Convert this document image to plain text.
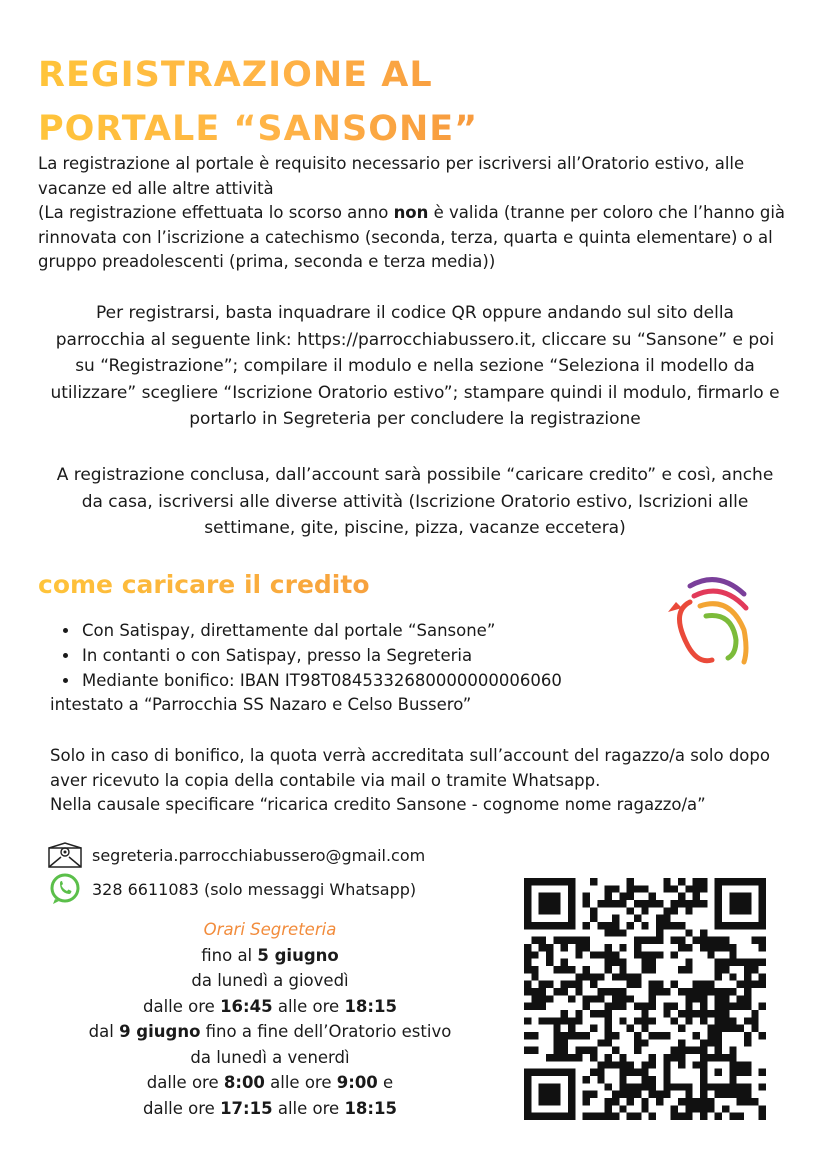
REGISTRAZIONE AL
PORTALE “SANSONE”

La registrazione al portale è requisito necessario per iscriversi all’Oratorio estivo, alle vacanze ed alle altre attività
(La registrazione effettuata lo scorso anno non è valida (tranne per coloro che l’hanno già rinnovata con l’iscrizione a catechismo (seconda, terza, quarta e quinta elementare) o al gruppo preadolescenti (prima, seconda e terza media))

Per registrarsi, basta inquadrare il codice QR oppure andando sul sito della parrocchia al seguente link: https://parrocchiabussero.it, cliccare su “Sansone” e poi su “Registrazione”; compilare il modulo e nella sezione “Seleziona il modello da utilizzare” scegliere “Iscrizione Oratorio estivo”; stampare quindi il modulo, firmarlo e portarlo in Segreteria per concludere la registrazione

A registrazione conclusa, dall’account sarà possibile “caricare credito” e così, anche da casa, iscriversi alle diverse attività (Iscrizione Oratorio estivo, Iscrizioni alle settimane, gite, piscine, pizza, vacanze eccetera)

come caricare il credito
• Con Satispay, direttamente dal portale “Sansone”
• In contanti o con Satispay, presso la Segreteria
• Mediante bonifico: IBAN IT98T0845332680000000006060

intestato a “Parrocchia SS Nazaro e Celso Bussero”

Solo in caso di bonifico, la quota verrà accreditata sull’account del ragazzo/a solo dopo aver ricevuto la copia della contabile via mail o tramite Whatsapp.
Nella causale specificare “ricarica credito Sansone - cognome nome ragazzo/a”

segreteria.parrocchiabussero@gmail.com
328 6611083 (solo messaggi Whatsapp)
Orari Segreteria
fino al 5 giugno
da lunedì a giovedì
dalle ore 16:45 alle ore 18:15
dal 9 giugno fino a fine dell’Oratorio estivo
da lunedì a venerdì
dalle ore 8:00 alle ore 9:00 e
dalle ore 17:15 alle ore 18:15
